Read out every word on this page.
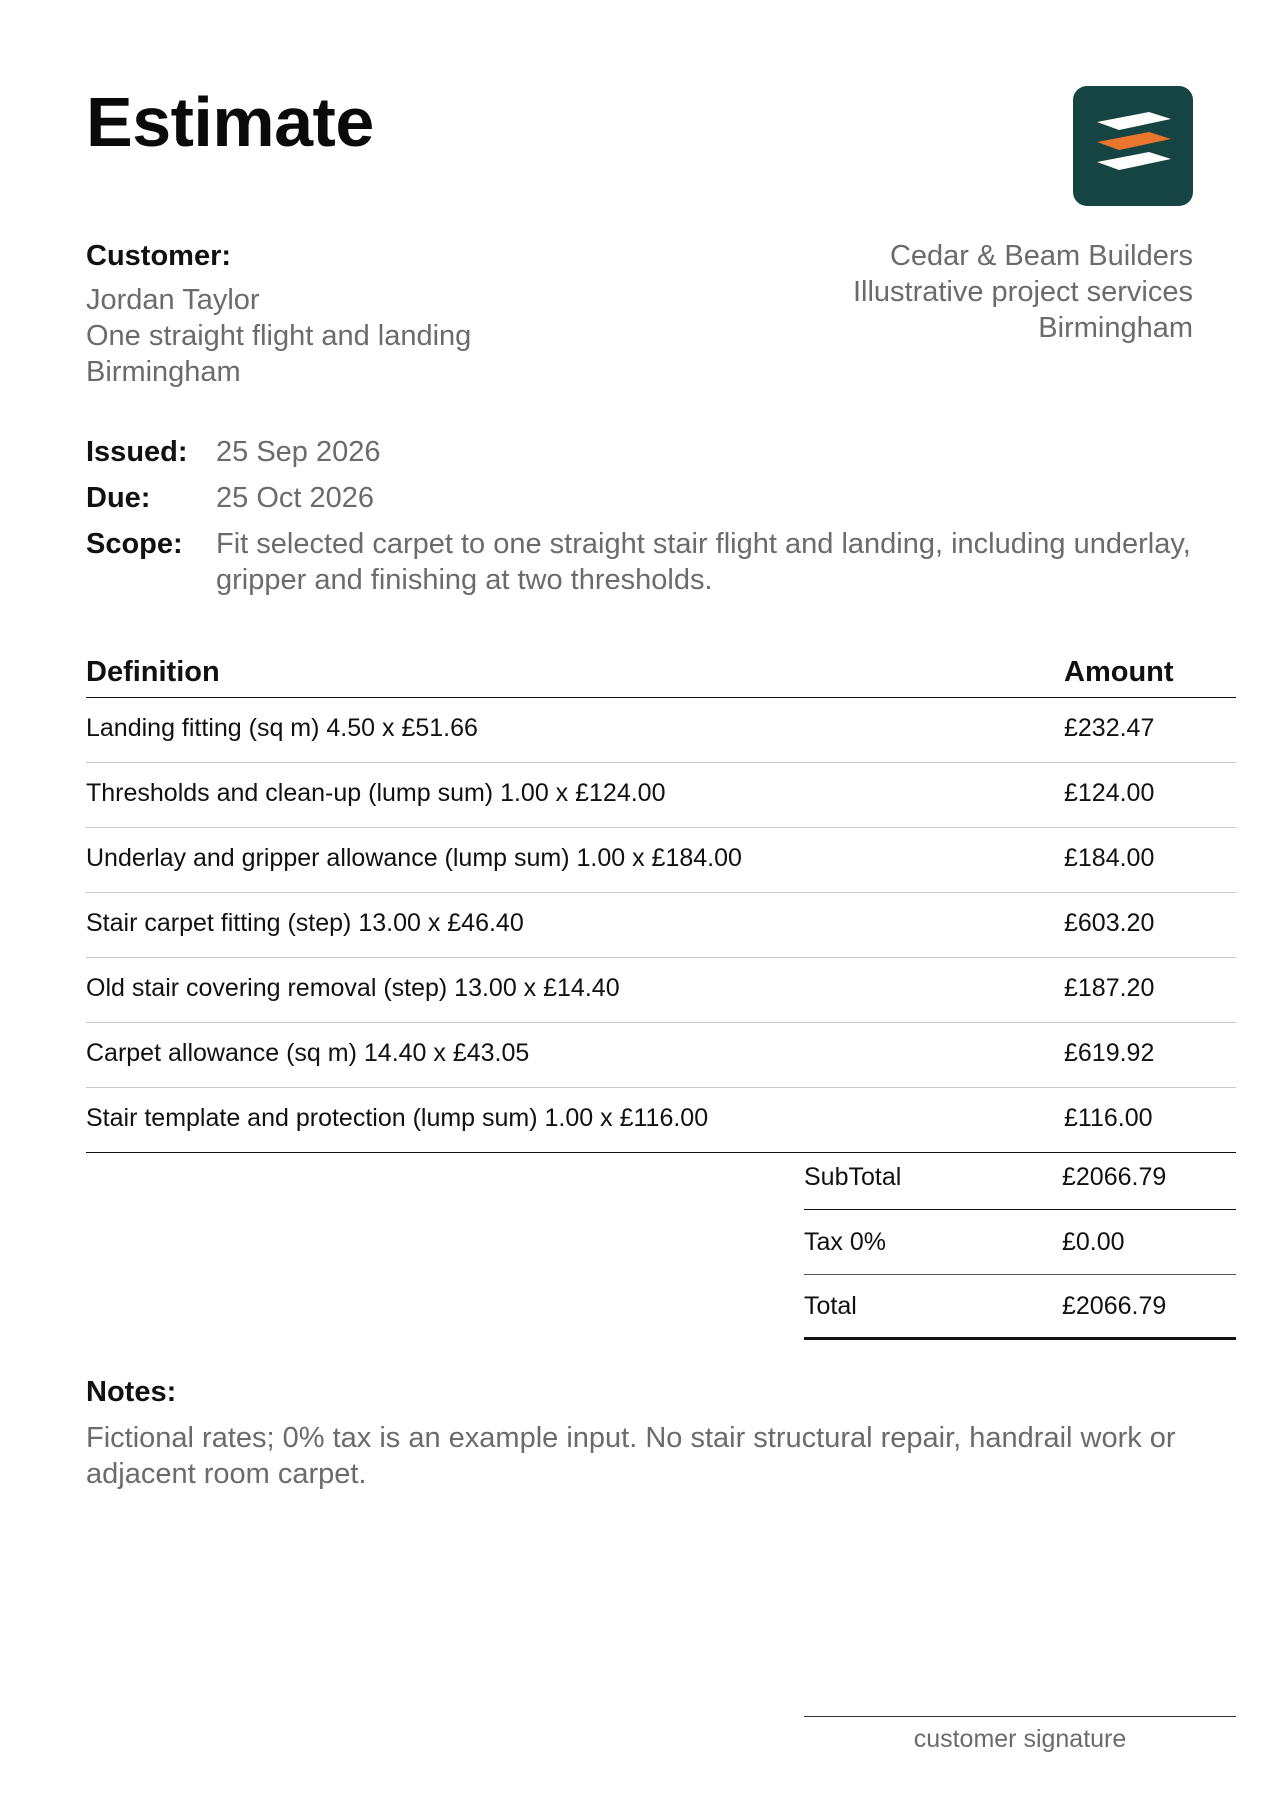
Estimate
Customer:
Jordan Taylor
One straight flight and landing
Birmingham
Cedar & Beam Builders
Illustrative project services
Birmingham
Issued: 25 Sep 2026
Due:	25 Oct 2026
Scope:	Fit selected carpet to one straight stair flight and landing, including underlay, gripper and finishing at two thresholds.
Definition	Amount
Landing fitting (sq m) 4.50 x £51.66	£232.47
Thresholds and clean-up (lump sum) 1.00 x £124.00	£124.00
Underlay and gripper allowance (lump sum) 1.00 x £184.00	£184.00
Stair carpet fitting (step) 13.00 x £46.40	£603.20
Old stair covering removal (step) 13.00 x £14.40	£187.20
Carpet allowance (sq m) 14.40 x £43.05	£619.92
Stair template and protection (lump sum) 1.00 x £116.00	£116.00
SubTotal	£2066.79
Tax 0%	£0.00
Total	£2066.79
Notes:
Fictional rates; 0% tax is an example input. No stair structural repair, handrail work or adjacent room carpet.
customer signature
